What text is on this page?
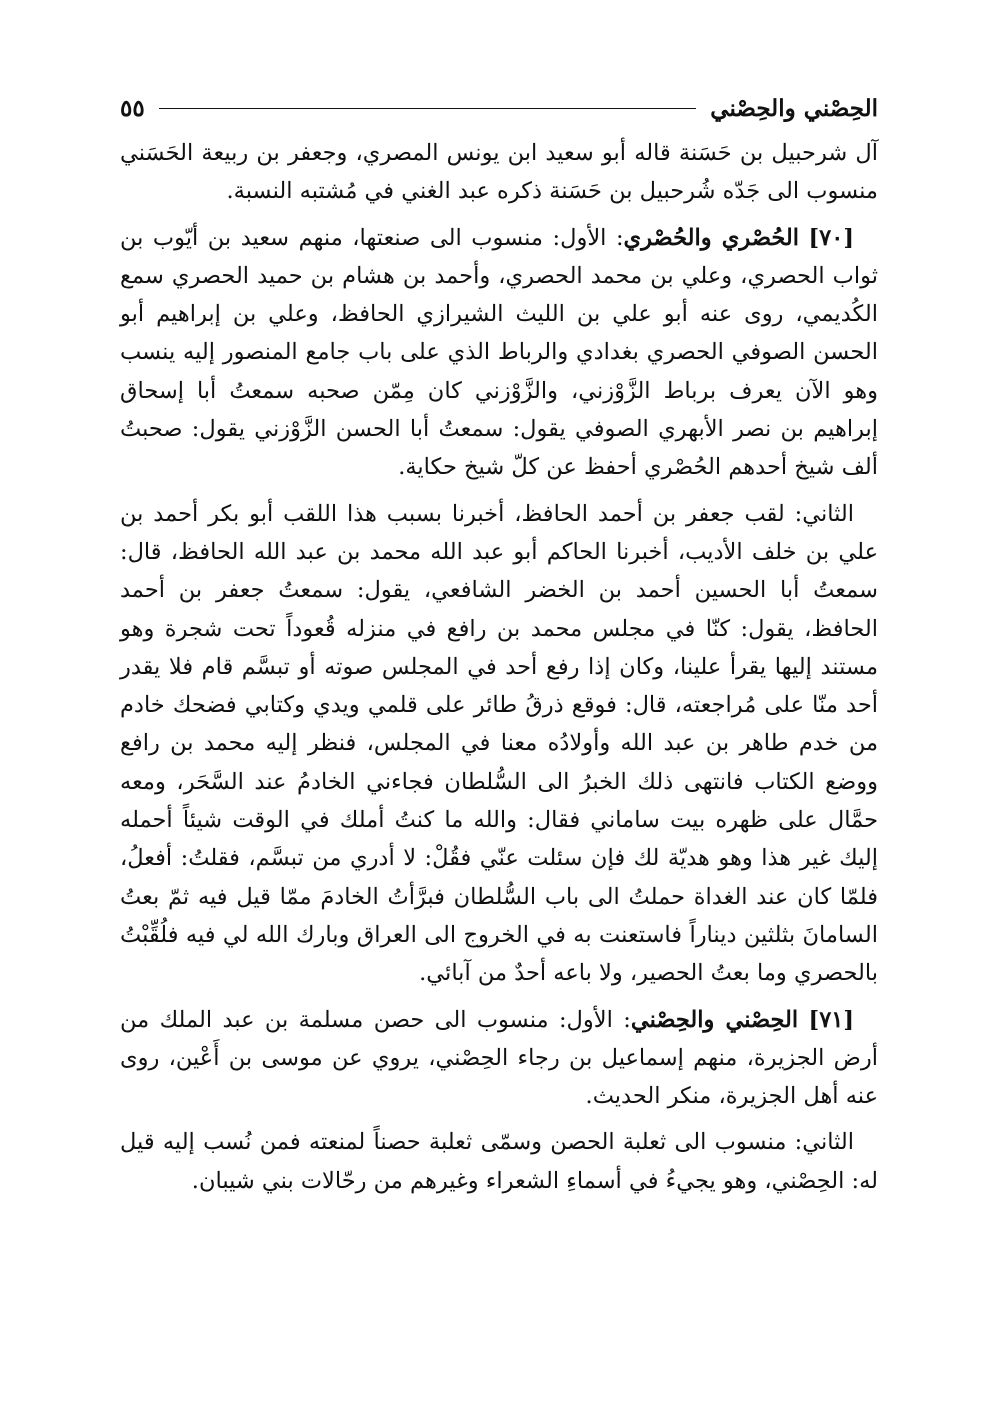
الحِصْني والحِصْني
٥٥

آل شرحبيل بن حَسَنة قاله أبو سعيد ابن يونس المصري، وجعفر بن ربيعة الحَسَني منسوب الى جَدّه شُرحبيل بن حَسَنة ذكره عبد الغني في مُشتبه النسبة.

[٧٠] الحُصْري والحُصْري: الأول: منسوب الى صنعتها، منهم سعيد بن أيّوب بن ثواب الحصري، وعلي بن محمد الحصري، وأحمد بن هشام بن حميد الحصري سمع الكُديمي، روى عنه أبو علي بن الليث الشيرازي الحافظ، وعلي بن إبراهيم أبو الحسن الصوفي الحصري بغدادي والرباط الذي على باب جامع المنصور إليه ينسب وهو الآن يعرف برباط الزَّوْزني، والزَّوْزني كان مِمّن صحبه سمعتُ أبا إسحاق إبراهيم بن نصر الأبهري الصوفي يقول: سمعتُ أبا الحسن الزَّوْزني يقول: صحبتُ ألف شيخ أحدهم الحُصْري أحفظ عن كلّ شيخ حكاية.

الثاني: لقب جعفر بن أحمد الحافظ، أخبرنا بسبب هذا اللقب أبو بكر أحمد بن علي بن خلف الأديب، أخبرنا الحاكم أبو عبد الله محمد بن عبد الله الحافظ، قال: سمعتُ أبا الحسين أحمد بن الخضر الشافعي، يقول: سمعتُ جعفر بن أحمد الحافظ، يقول: كنّا في مجلس محمد بن رافع في منزله قُعوداً تحت شجرة وهو مستند إليها يقرأ علينا، وكان إذا رفع أحد في المجلس صوته أو تبسَّم قام فلا يقدر أحد منّا على مُراجعته، قال: فوقع ذرقُ طائر على قلمي ويدي وكتابي فضحك خادم من خدم طاهر بن عبد الله وأولادُه معنا في المجلس، فنظر إليه محمد بن رافع ووضع الكتاب فانتهى ذلك الخبرُ الى السُّلطان فجاءني الخادمُ عند السَّحَر، ومعه حمَّال على ظهره بيت ساماني فقال: والله ما كنتُ أملك في الوقت شيئاً أحمله إليك غير هذا وهو هديّة لك فإن سئلت عنّي فقُلْ: لا أدري من تبسَّم، فقلتُ: أفعلُ، فلمّا كان عند الغداة حملتُ الى باب السُّلطان فبرَّأتُ الخادمَ ممّا قيل فيه ثمّ بعتُ السامانَ بثلثين ديناراً فاستعنت به في الخروج الى العراق وبارك الله لي فيه فلُقِّبْتُ بالحصري وما بعتُ الحصير، ولا باعه أحدٌ من آبائي.

[٧١] الحِصْني والحِصْني: الأول: منسوب الى حصن مسلمة بن عبد الملك من أرض الجزيرة، منهم إسماعيل بن رجاء الحِصْني، يروي عن موسى بن أَعْين، روى عنه أهل الجزيرة، منكر الحديث.

الثاني: منسوب الى ثعلبة الحصن وسمّى ثعلبة حصناً لمنعته فمن نُسب إليه قيل له: الحِصْني، وهو يجيءُ في أسماءِ الشعراء وغيرهم من رحّالات بني شيبان.
